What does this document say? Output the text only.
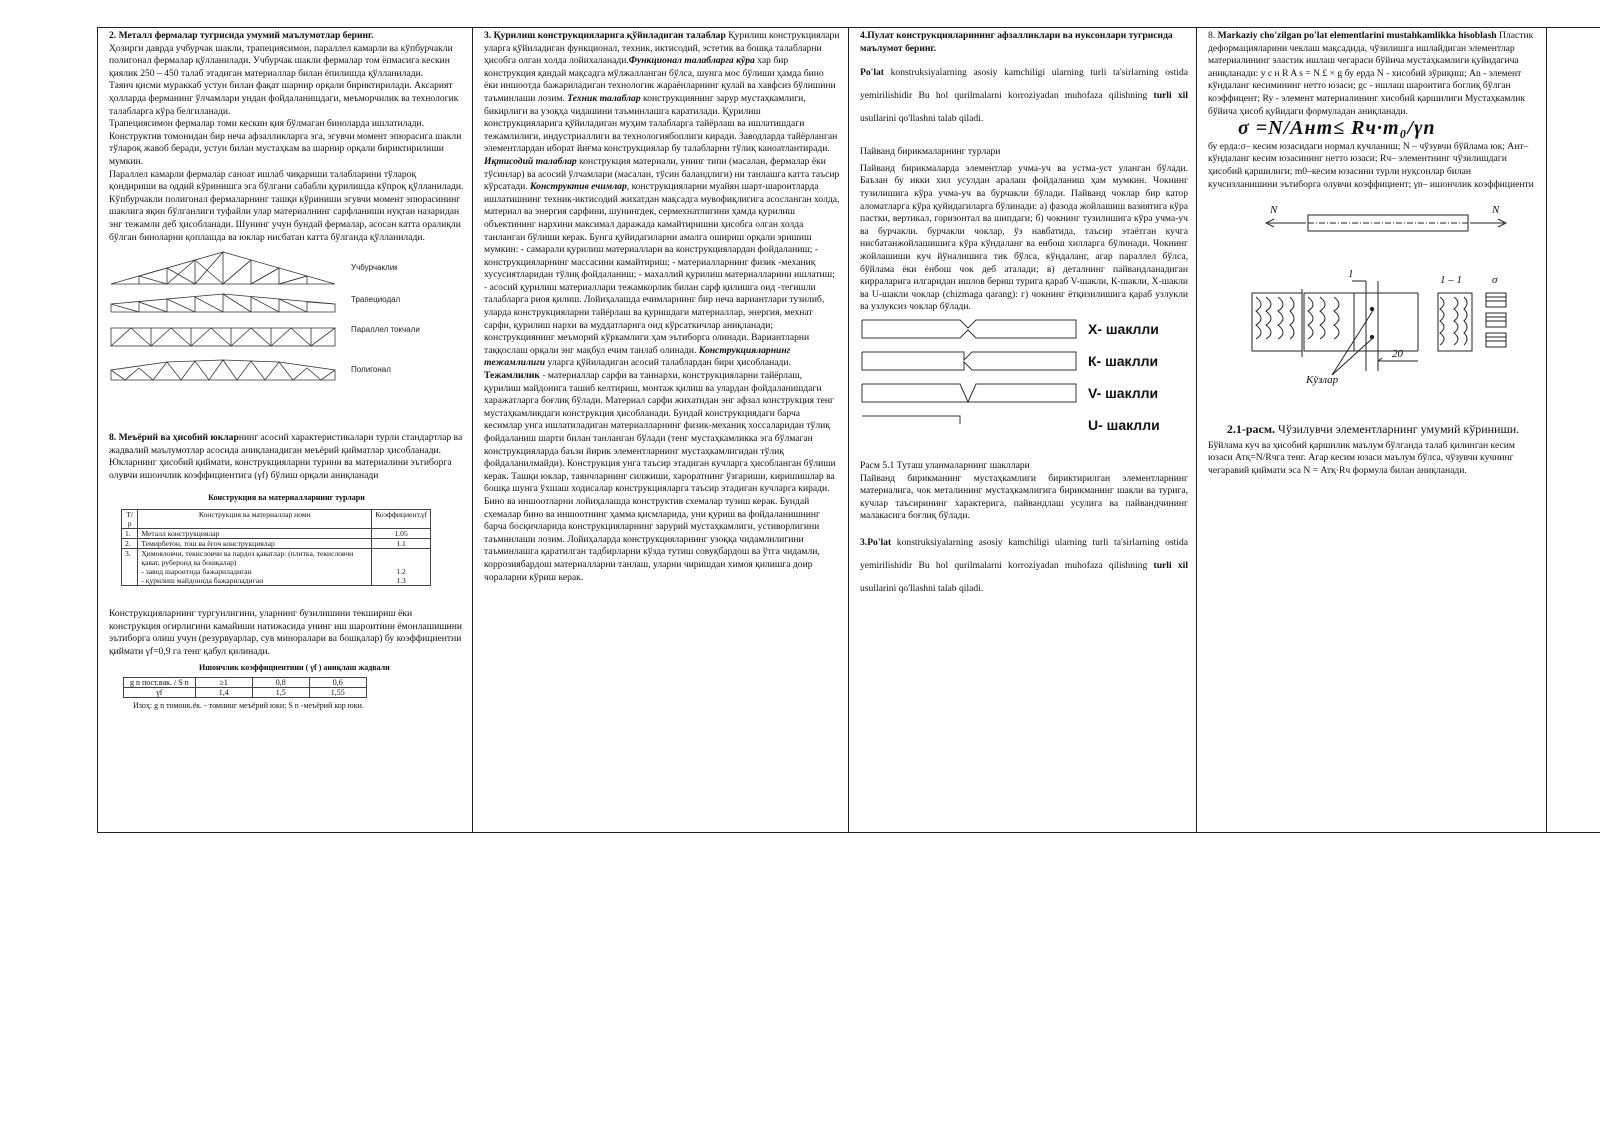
2. Металл фермалар тугрисида умумий маълумотлар беринг.

Ҳозирги даврда учбурчак шакли, трапециясимон, параллел камарли ва кўпбурчакли полигонал фермалар қўлланилади. Учбурчак шакли фермалар том ёпмасига кескин қиялик 250 – 450 талаб этадиган материаллар билан ёпилишда қўлланилади.

Таянч қисми мураккаб устун билан фақат шарнир орқали бириктирилади. Аксарият ҳолларда ферманинг ўлчамлари ундан фойдаланишдаги, меъморчилик ва технологик талабларга кўра белгиланади.

Трапециясимон фермалар томи кескин қия бўлмаган биноларда ишлатилади. Конструктив томонидан бир неча афзалликларга эга, эгувчи момент эпюрасига шакли тўлароқ жавоб беради, устун билан мустаҳкам ва шарнир орқали бириктирилиши мумкин.

Параллел камарли фермалар саноат ишлаб чиқариши талабларини тўлароқ қондириши ва оддий кўринишга эга бўлгани сабабли қурилишда кўпроқ қўлланилади.

Кўпбурчакли полигонал фермаларнинг ташқи кўриниши эгувчи момент эпюрасининг шаклига яқин бўлганлиги туфайли улар материалнинг сарфланиши нуқтаи назаридан энг тежамли деб ҳисобланади. Шунинг учун бундай фермалар, асосан катта оралиқли бўлган биноларни қоплашда ва юклар нисбатан катта бўлганда қўлланилади.

Учбурчаклик
Трапециодал
Параллел токчали
Полигонал

8. Меъёрий ва ҳисобий юкларнинг асосий характеристикалари турли стандартлар ва жадвалий маълумотлар асосида аниқланадиган меъёрий қийматлар ҳисобланади. Юкларнинг ҳисобий қиймати, конструкцияларни турини ва материалини эътиборга олувчи ишончлик коэффициентига (γf) бўлиш орқали аниқланади

Конструкция ва материалларнинг турлари
Т/р	Конструкция ва материаллар номи	Коэффициент,γf
1.	Металл конструкциялар	1.05
2.	Темирбетон, тош ва ёғоч конструкциялар	1.1
3.	Ҳимояловчи, текисловчи ва пардоз қаватлар: (плитка, текисловчи қават, рубероид ва бошқалар)	
	- завод шароитида бажариладиган	1.2
	- қурилиш майдонида бажариладиган	1.3

Конструкцияларнинг тургунлигини, уларнинг бузилишини текшириш ёки конструкция огирлигини камайиши натижасида унинг иш шароитини ёмонлашишини эътиборга олиш учун (резурвуарлар, сув миноралари ва бошқалар) бу коэффициентни қиймати γf=0,9 га тенг қабул қилинади.

Ишончлик коэффициентини ( γf ) аниқлаш жадвали
g n пост.вак. / S n	≥1	0,8	0,6
γf	1,4	1,5	1,55
Изоҳ: g n томонк.ёк. - томнинг меъёрий юки; S n -меъёрий кор юки.

3. Қурилиш конструкцияларига қўйиладиган талаблар Қурилиш конструкциялари уларга қўйиладиган функционал, техник, иктисодий, эстетик ва бошқа талабларни ҳисобга олган холда лойихаланади.Функционал талабларга кўра хар бир конструкция қандай мақсадга мўлжалланган бўлса, шунга мос бўлиши ҳамда бино ёки иншоотда бажариладиган технологик жараёнларнинг қулай ва хавфсиз бўлишини таъминлаши лозим. Техник талаблар конструкциянинг зарур мустаҳкамлиги, бикирлиги ва узоқҳа чидашини таъминлашга каратилади. Қурилиш конструкцияларига қўйиладиган муҳим талабларга тайёрлаш ва ишлатишдаги тежамлилиги, индустриаллиги ва технологиябоплиги киради. Заводларда тайёрланган элементлардан иборат йиғма конструкциялар бу талабларни тўлиқ каноатлантиради. Иқтисодий талаблар конструкция материали, унинг типи (масалан, фермалар ёки тўсинлар) ва асосий ўлчамлари (масалан, тўсин баландлиги) ни танлашга катта таъсир кўрсатади. Конструктив ечимлар, конструкцияларни муайян шарт-шароитларда ишлатишнинг техник-иктисодий жихатдан мақсадга мувофиқлигига асосланган холда, материал ва энергия сарфини, шунингдек, сермехнатлигини ҳамда қурилиш объектининг нархини максимал даражада камайтиришни ҳисобга олган холда танланган бўлиши керак. Бунга қуйидагиларни амалга ошириш орқали эришиш мумкин: - самарали қурилиш материаллари ва конструкциялардан фойдаланиш; - конструкцияларнинг массасини камайтириш; - материалларнинг физик -механиқ хусусиятларидан тўлиқ фойдаланиш; - махаллий қурилиш материалларини ишлатиш; - асосий қурилиш материаллари тежамкорлик билан сарф қилишга оид -тегишли талабларга риоя қилиш. Лойиҳалашда ечимларнинг бир неча вариантлари тузилиб, уларда конструкцияларни тайёрлаш ва қуришдаги материаллар, энергия, мехнат сарфи, қурилиш нархи ва муддатларига оид кўрсаткичлар аниқланади; конструкциянинг меъморий кўркамлиги ҳам эътиборга олинади. Вариантларни таққослаш орқали энг мақбул ечим танлаб олинади. Конструкцияларнинг тежамлилиги уларга қўйиладиган асосий талаблардан бири ҳисобланади. Тежамлилик - материаллар сарфи ва таннархи, конструкцияларни тайёрлаш, қурилиш майдонига ташиб келтириш, монтаж қилиш ва улардан фойдаланишдаги харажатларга боғлиқ бўлади. Материал сарфи жихатидан энг афзал конструкция тенг мустаҳкамликдаги конструкция ҳисобланади. Бундай конструкциядаги барча кесимлар унга ишлатиладиган материалларнинг физик-механиқ хоссаларидан тўлиқ фойдаланиш шарти билан танланган бўлади (тенг мустаҳкамликка эга бўлмаган конструкцияларда баъзи йирик элементларнинг мустаҳкамлигидан тўлиқ фойдаланилмайди). Конструкция унга таъсир этадиган кучларга ҳисобланган бўлиши керак. Ташқи юклар, таянчларнинг силжиши, хароратнинг ўзгариши, киришишлар ва бошқа шунга ўхшаш ходисалар конструкцияларга таъсир этадиган кучларга киради. Бино ва иншоотларни лойиҳалашда конструктив схемалар тузиш керак. Бундай схемалар бино ва иншоотнинг ҳамма қисмларида, уни қуриш ва фойдаланишнинг барча босқичларида конструкцияларнинг зарурий мустаҳкамлиги, устиворлигини таъминлаши лозим. Лойиҳаларда конструкцияларнинг узоққа чидамлилигини таъминлашга қаратилган тадбирларни кўзда тутиш совуқбардош ва ўтга чидамли, коррозиябардош материалларни танлаш, уларни чиришдан химоя қилишга доир чораларни кўриш керак.

4.Пулат конструкцияларининг афзалликлари ва нуксонлари тугрисида маълумот беринг.

Po'lat konstruksiyalarning asosiy kamchiligi ularning turli ta'sirlarning ostida yemirilishidir Bu hol qurilmalarni korroziyadan muhofaza qilishning turli xil usullarini qo'llashni talab qiladi.

Пайванд бирикмаларнинг турлари

Пайванд бирикмаларда элементлар учма-уч ва устма-уст уланган бўлади. Баъзан бу икки хил усулдан аралаш фойдаланиш ҳам мумкин. Чокнинг тузилишига кўра учма-уч ва бурчакли бўлади. Пайванд чоклар бир катор аломатларга кўра қуйидагиларга бўлинади: а) фазода жойлашиш вазиятига кўра пастки, вертикал, горизонтал ва шипдаги; б) чокнинг тузилишига кўра учма-уч ва бурчакли. бурчакли чоклар, ўз навбатида, таъсир этаётган кучга нисбатанжойлашишига кўра кўндаланг ва енбош хилларга бўлинади. Чокнинг жойлашиши куч йўналишига тик бўлса, кўндаланг, агар параллел бўлса, бўйлама ёки ёнбош чок деб аталади; в) деталнинг пайвандланадиган кирраларига илгаридан ишлов бериш турига қараб V-шакли, К-шакли, Х-шакли ва U-шакли чоклар (chizmaga qarang): г) чокнинг ётқизилишига қараб узлукли ва узлуксиз чоклар бўлади.

Х- шаклли
К- шаклли
V- шаклли
U- шаклли

Расм 5.1 Туташ уланмаларнинг шакллари

Пайванд бирикманинг мустаҳкамлиги бириктирилган элементларнинг материалига, чок металининг мустаҳкамлигига бирикманинг шакли ва турига, кучлар таъсирининг характерига, пайвандлаш усулига ва пайвандчининг малакасига боғлиқ бўлади.

3.Po'lat konstruksiyalarning asosiy kamchiligi ularning turli ta'sirlarning ostida yemirilishidir Bu hol qurilmalarni korroziyadan muhofaza qilishning turli xil usullarini qo'llashni talab qiladi.

8. Markaziy cho'zilgan po'lat elementlarini mustahkamlikka hisoblash Пластик деформацияларини чеклаш мақсадида, чўзилишга ишлайдиган элементлар материалининг эластик ишлаш чегараси бўйича мустаҳкамлиги қуйидагича аниқланади: у с н R A s = N £ × g бу ерда N - хисобий зўриқиш; Аn - элемент кўндаланг кесимининг нетто юзаси; gс - ишлаш шароитига боглиқ бўлган коэффицент; Ry - элемент материалининг хисобий қаршилиги Мустаҳкамлик бўйича ҳисоб қуйидаги формуладан аниқланади.

σ =N/Aнт≤ Rч·m₀/γn

бу ерда:σ– кесим юзасидаги нормал кучланиш; N – чўзувчи бўйлама юк; Ант– кўндаланг кесим юзасининг нетто юзаси; Rч– элементнинг чўзилишдаги ҳисобий қаршилиги; m0–кесим юзасини турли нуқсонлар билан кучсизланишини эътиборга олувчи коэффициент; γn– ишончлик коэффициенти

N	N
1	1 – 1	σ
20
Кўзлар

2.1-расм. Чўзилувчи элементларнинг умумий кўриниши.

Бўйлама куч ва ҳисобий қаршилик маълум бўлганда талаб қилинган кесим юзаси Атқ=N/Rчга тенг. Агар кесим юзаси маълум бўлса, чўзувчи кучнинг чегаравий қиймати эса N = Атқ·Rч формула билан аниқланади.
